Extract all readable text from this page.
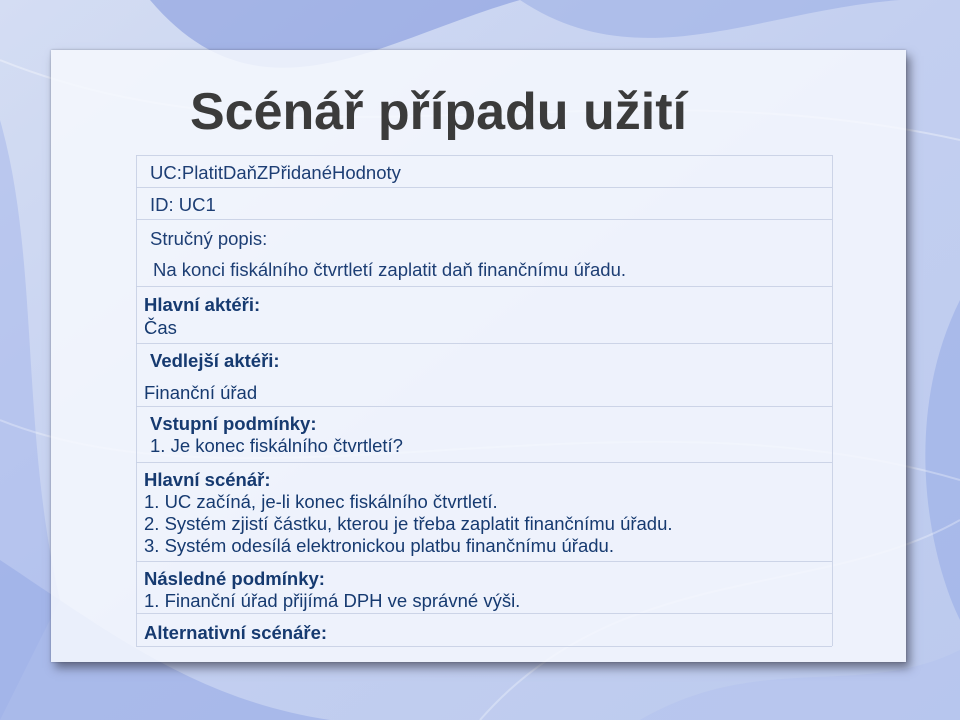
Scénář případu užití
UC:PlatitDaňZPřidanéHodnoty
ID: UC1
Stručný popis:
Na konci fiskálního čtvrtletí zaplatit daň finančnímu úřadu.
Hlavní aktéři:
Čas
Vedlejší aktéři:
Finanční úřad
Vstupní podmínky:
1. Je konec fiskálního čtvrtletí?
Hlavní scénář:
1. UC začíná, je-li konec fiskálního čtvrtletí.
2. Systém zjistí částku, kterou je třeba zaplatit finančnímu úřadu.
3. Systém odesílá elektronickou platbu finančnímu úřadu.
Následné podmínky:
1. Finanční úřad přijímá DPH ve správné výši.
Alternativní scénáře:
